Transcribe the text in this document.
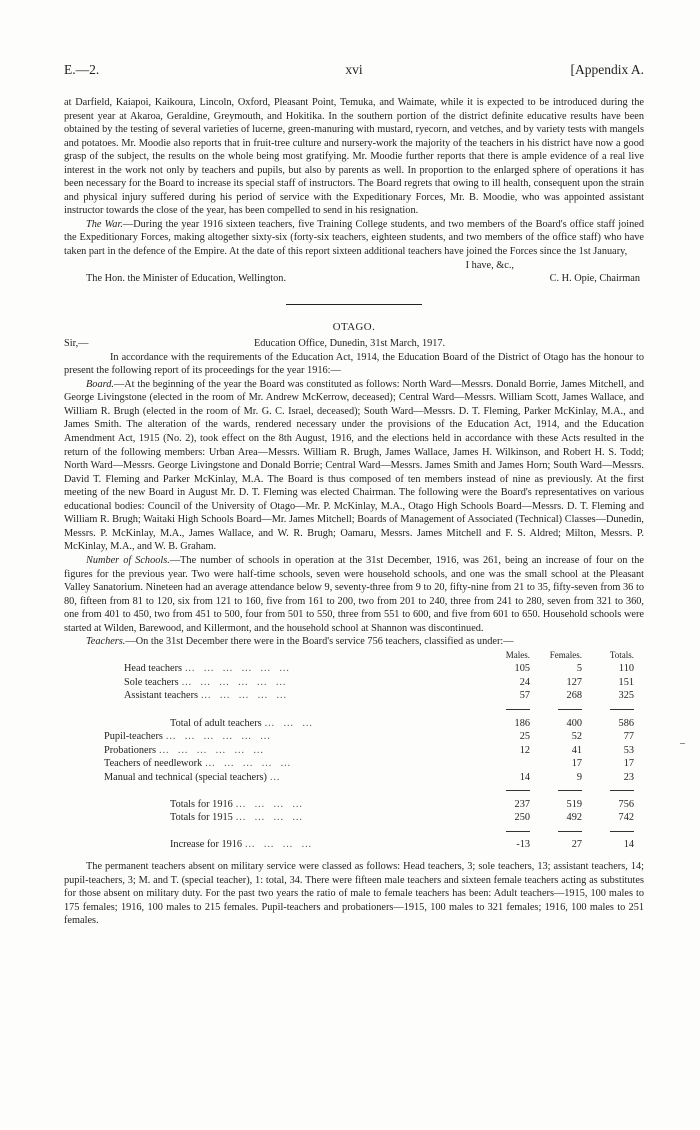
E.—2.	xvi	[Appendix A.

at Darfield, Kaiapoi, Kaikoura, Lincoln, Oxford, Pleasant Point, Temuka, and Waimate, while it is expected to be introduced during the present year at Akaroa, Geraldine, Greymouth, and Hokitika. In the southern portion of the district definite educative results have been obtained by the testing of several varieties of lucerne, green-manuring with mustard, ryecorn, and vetches, and by variety tests with mangels and potatoes. Mr. Moodie also reports that in fruit-tree culture and nursery-work the majority of the teachers in his district have now a good grasp of the subject, the results on the whole being most gratifying. Mr. Moodie further reports that there is ample evidence of a real live interest in the work not only by teachers and pupils, but also by parents as well. In proportion to the enlarged sphere of operations it has been necessary for the Board to increase its special staff of instructors. The Board regrets that owing to ill health, consequent upon the strain and physical injury suffered during his period of service with the Expeditionary Forces, Mr. B. Moodie, who was appointed assistant instructor towards the close of the year, has been compelled to send in his resignation.

The War.—During the year 1916 sixteen teachers, five Training College students, and two members of the Board's office staff joined the Expeditionary Forces, making altogether sixty-six (forty-six teachers, eighteen students, and two members of the office staff) who have taken part in the defence of the Empire. At the date of this report sixteen additional teachers have joined the Forces since the 1st January,

I have, &c.,
The Hon. the Minister of Education, Wellington.	C. H. Opie, Chairman
OTAGO.
Sir,—	Education Office, Dunedin, 31st March, 1917.

In accordance with the requirements of the Education Act, 1914, the Education Board of the District of Otago has the honour to present the following report of its proceedings for the year 1916:—

Board.—At the beginning of the year the Board was constituted as follows: North Ward—Messrs. Donald Borrie, James Mitchell, and George Livingstone (elected in the room of Mr. Andrew McKerrow, deceased); Central Ward—Messrs. William Scott, James Wallace, and William R. Brugh (elected in the room of Mr. G. C. Israel, deceased); South Ward—Messrs. D. T. Fleming, Parker McKinlay, M.A., and James Smith. The alteration of the wards, rendered necessary under the provisions of the Education Act, 1914, and the Education Amendment Act, 1915 (No. 2), took effect on the 8th August, 1916, and the elections held in accordance with these Acts resulted in the return of the following members: Urban Area—Messrs. William R. Brugh, James Wallace, James H. Wilkinson, and Robert H. S. Todd; North Ward—Messrs. George Livingstone and Donald Borrie; Central Ward—Messrs. James Smith and James Horn; South Ward—Messrs. David T. Fleming and Parker McKinlay, M.A. The Board is thus composed of ten members instead of nine as previously. At the first meeting of the new Board in August Mr. D. T. Fleming was elected Chairman. The following were the Board's representatives on various educational bodies: Council of the University of Otago—Mr. P. McKinlay, M.A., Otago High Schools Board—Messrs. D. T. Fleming and William R. Brugh; Waitaki High Schools Board—Mr. James Mitchell; Boards of Management of Associated (Technical) Classes—Dunedin, Messrs. P. McKinlay, M.A., James Wallace, and W. R. Brugh; Oamaru, Messrs. James Mitchell and F. S. Aldred; Milton, Messrs. P. McKinlay, M.A., and W. B. Graham.

Number of Schools.—The number of schools in operation at the 31st December, 1916, was 261, being an increase of four on the figures for the previous year. Two were half-time schools, seven were household schools, and one was the small school at the Pleasant Valley Sanatorium. Nineteen had an average attendance below 9, seventy-three from 9 to 20, fifty-nine from 21 to 35, fifty-seven from 36 to 80, fifteen from 81 to 120, six from 121 to 160, five from 161 to 200, two from 201 to 240, three from 241 to 280, seven from 321 to 360, one from 401 to 450, two from 451 to 500, four from 501 to 550, three from 551 to 600, and five from 601 to 650. Household schools were started at Wilden, Barewood, and Killermont, and the household school at Shannon was discontinued.

Teachers.—On the 31st December there were in the Board's service 756 teachers, classified as under:—

	Males.	Females.	Totals.
Head teachers … … … … … …	105	5	110
Sole teachers … … … … … …	24	127	151
Assistant teachers … … … … …	57	268	325

Total of adult teachers … … …	186	400	586
Pupil-teachers … … … … … …	25	52	77
Probationers … … … … … …	12	41	53
Teachers of needlework … … … … …		17	17
Manual and technical (special teachers) …	14	9	23

Totals for 1916 … … … …	237	519	756
Totals for 1915 … … … …	250	492	742

Increase for 1916 … … … …	-13	27	14

The permanent teachers absent on military service were classed as follows: Head teachers, 3; sole teachers, 13; assistant teachers, 14; pupil-teachers, 3; M. and T. (special teacher), 1: total, 34. There were fifteen male teachers and sixteen female teachers acting as substitutes for those absent on military duty. For the past two years the ratio of male to female teachers has been: Adult teachers—1915, 100 males to 175 females; 1916, 100 males to 215 females. Pupil-teachers and probationers—1915, 100 males to 321 females; 1916, 100 males to 251 females.

–
